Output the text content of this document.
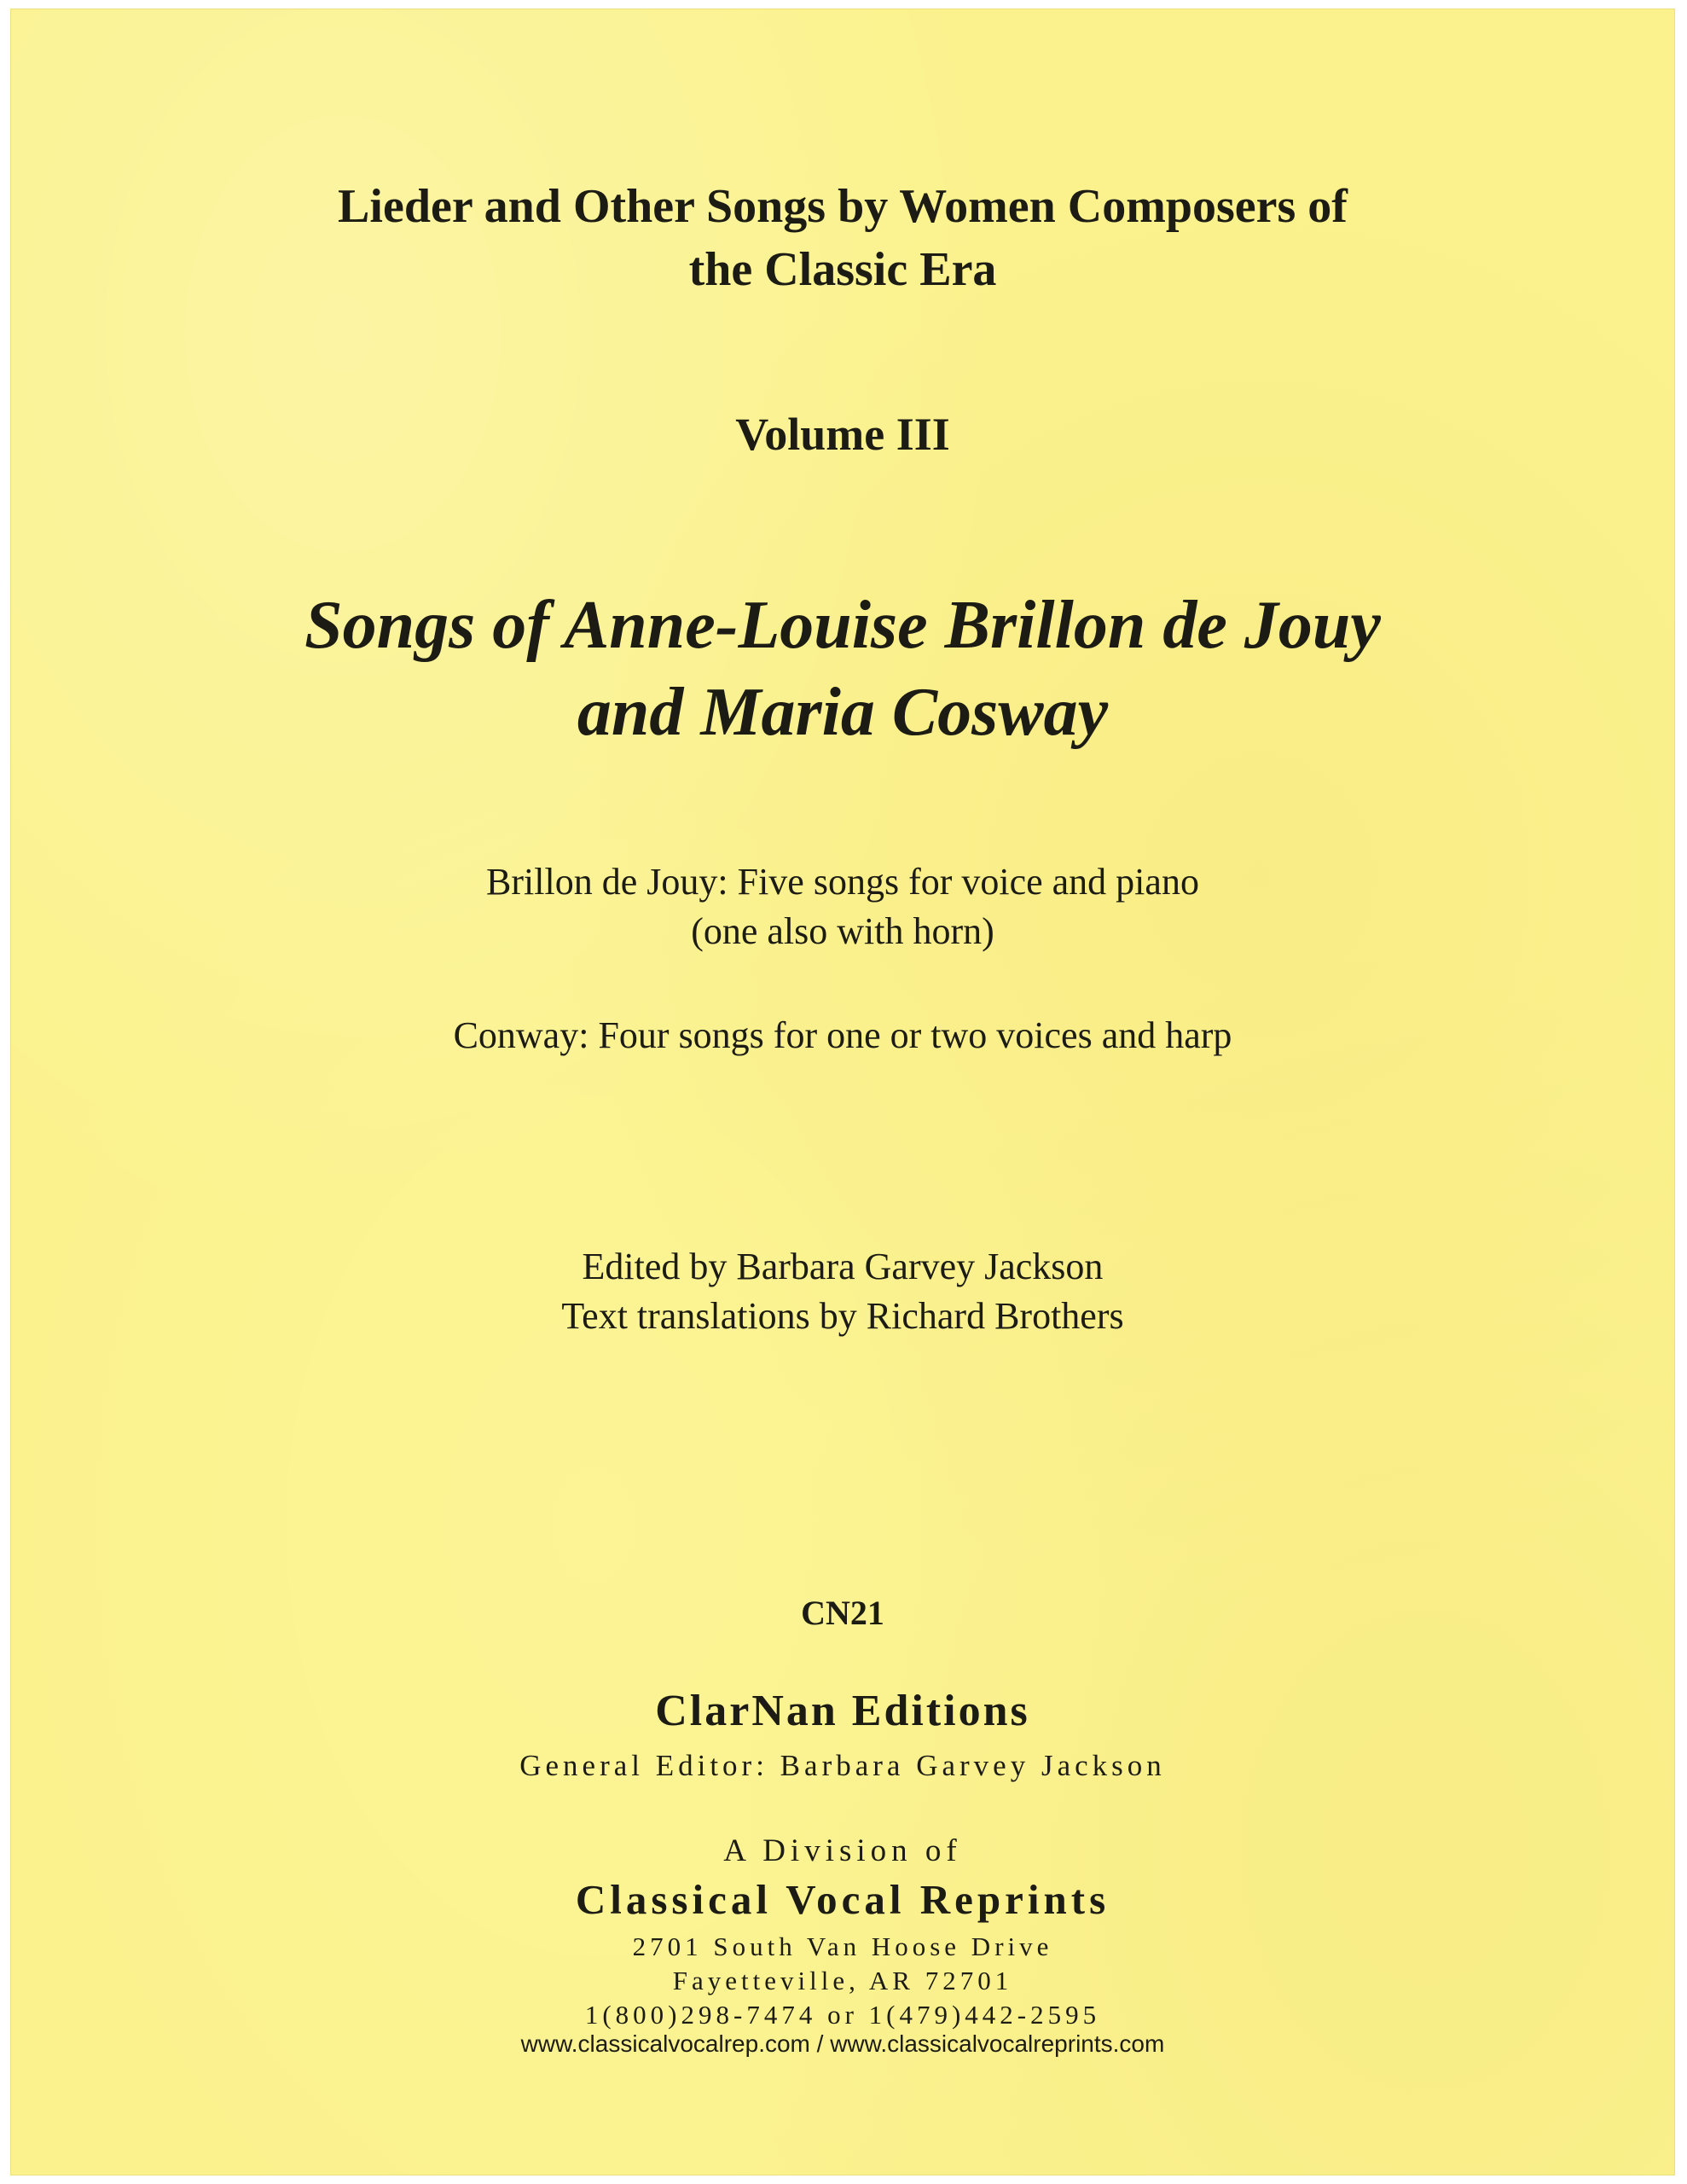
Lieder and Other Songs by Women Composers of
the Classic Era
Volume III
Songs of Anne-Louise Brillon de Jouy
and Maria Cosway
Brillon de Jouy: Five songs for voice and piano
(one also with horn)
Conway: Four songs for one or two voices and harp
Edited by Barbara Garvey Jackson
Text translations by Richard Brothers
CN21
ClarNan Editions
General Editor: Barbara Garvey Jackson
A Division of
Classical Vocal Reprints
2701 South Van Hoose Drive
Fayetteville, AR 72701
1(800)298-7474 or 1(479)442-2595
www.classicalvocalrep.com / www.classicalvocalreprints.com
